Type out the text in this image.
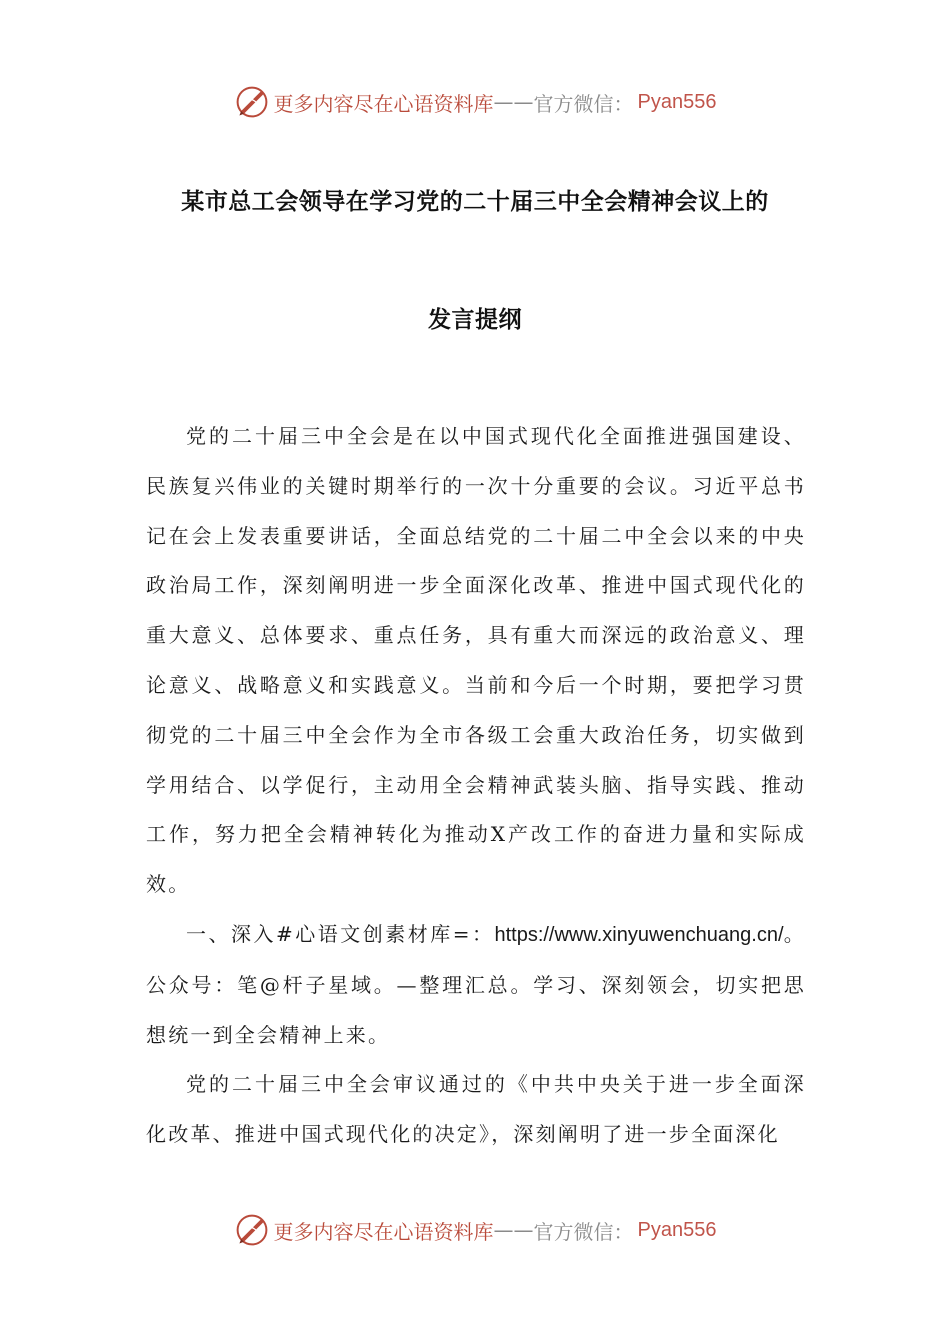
更多内容尽在心语资料库 —— 官方微信： Pyan556
某市总工会领导在学习党的二十届三中全会精神会议上的
发言提纲

党的二十届三中全会是在以中国式现代化全面推进强国建设、民族复兴伟业的关键时期举行的一次十分重要的会议。习近平总书记在会上发表重要讲话，全面总结党的二十届二中全会以来的中央政治局工作，深刻阐明进一步全面深化改革、推进中国式现代化的重大意义、总体要求、重点任务，具有重大而深远的政治意义、理论意义、战略意义和实践意义。当前和今后一个时期，要把学习贯彻党的二十届三中全会作为全市各级工会重大政治任务，切实做到学用结合、以学促行，主动用全会精神武装头脑、指导实践、推动工作，努力把全会精神转化为推动X产改工作的奋进力量和实际成效。

一、深入#心语文创素材库=：https://www.xinyuwenchuang.cn/。公众号：笔@杆子星域。—整理汇总。学习、深刻领会，切实把思想统一到全会精神上来。

党的二十届三中全会审议通过的《中共中央关于进一步全面深化改革、推进中国式现代化的决定》，深刻阐明了进一步全面深化

更多内容尽在心语资料库 —— 官方微信： Pyan556
